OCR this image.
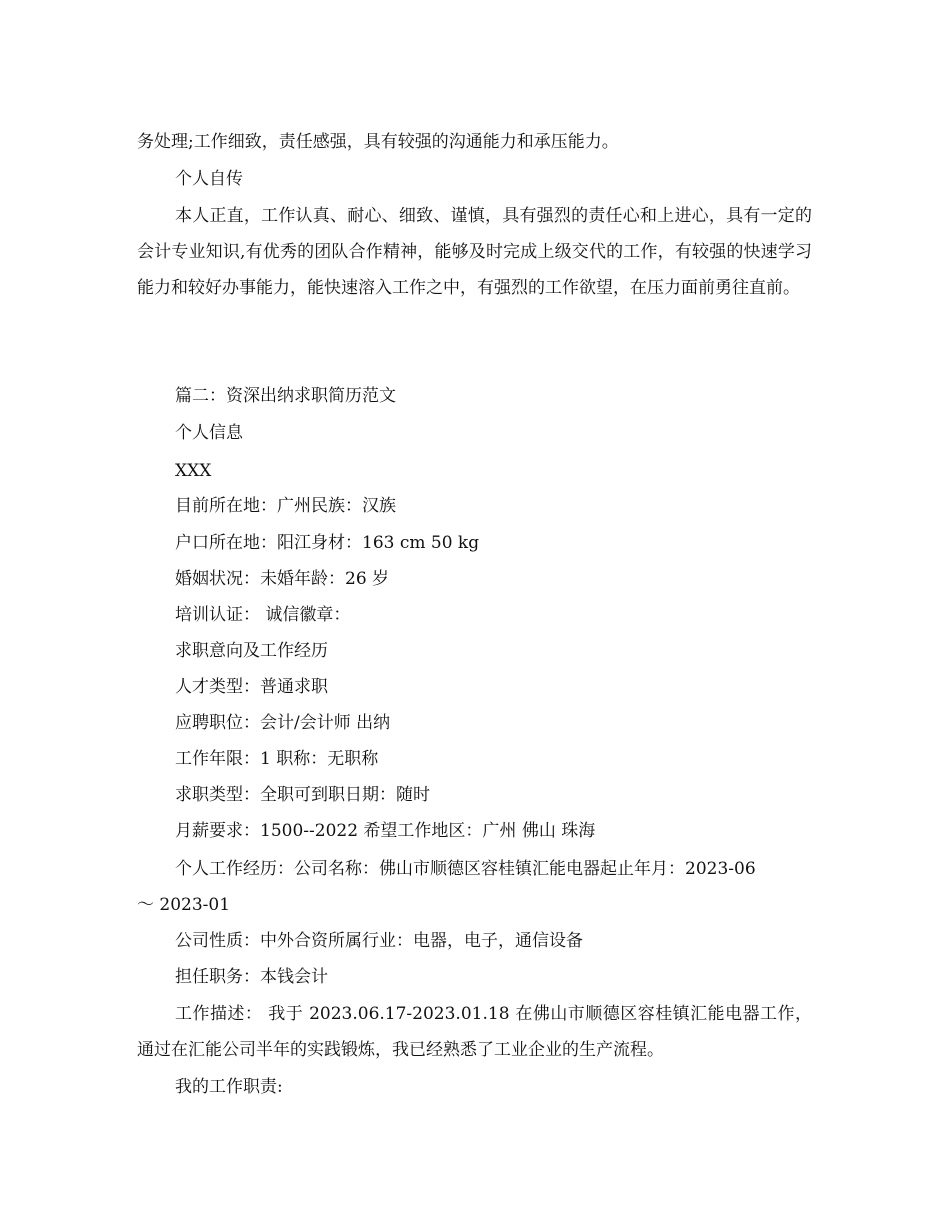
务处理;工作细致，责任感强，具有较强的沟通能力和承压能力。
个人自传
本人正直，工作认真、耐心、细致、谨慎，具有强烈的责任心和上进心，具有一定的会计专业知识,有优秀的团队合作精神，能够及时完成上级交代的工作，有较强的快速学习能力和较好办事能力，能快速溶入工作之中，有强烈的工作欲望，在压力面前勇往直前。
篇二：资深出纳求职简历范文
个人信息
XXX
目前所在地：广州民族：汉族
户口所在地：阳江身材：163 cm 50 kg
婚姻状况：未婚年龄：26 岁
培训认证： 诚信徽章：
求职意向及工作经历
人才类型：普通求职
应聘职位：会计/会计师 出纳
工作年限：1 职称：无职称
求职类型：全职可到职日期：随时
月薪要求：1500--2022 希望工作地区：广州 佛山 珠海
个人工作经历：公司名称：佛山市顺德区容桂镇汇能电器起止年月：2023-06
～ 2023-01
公司性质：中外合资所属行业：电器，电子，通信设备
担任职务：本钱会计
工作描述： 我于 2023.06.17-2023.01.18 在佛山市顺德区容桂镇汇能电器工作，通过在汇能公司半年的实践锻炼，我已经熟悉了工业企业的生产流程。
我的工作职责:
